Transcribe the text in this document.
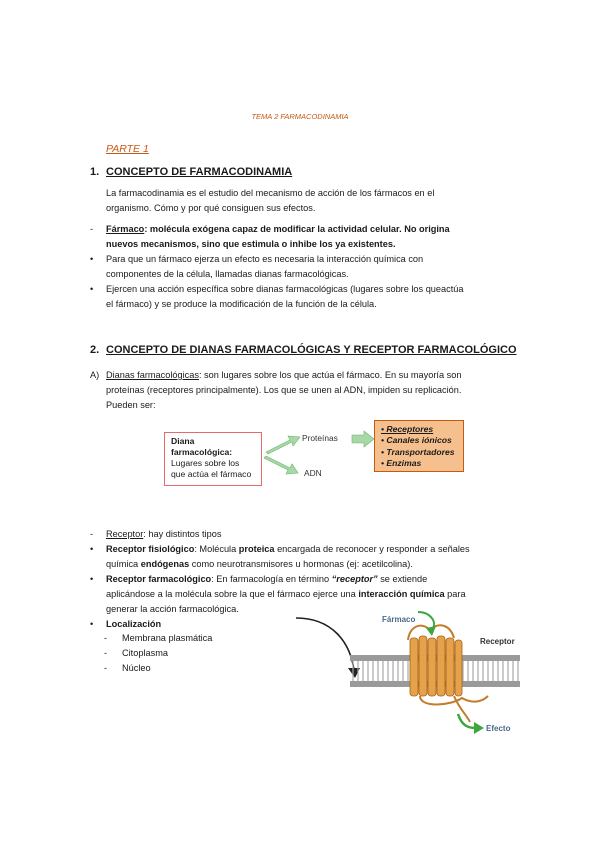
TEMA 2 FARMACODINAMIA
PARTE 1
1. CONCEPTO DE FARMACODINAMIA
La farmacodinamia es el estudio del mecanismo de acción de los fármacos en el
organismo. Cómo y por qué consiguen sus efectos.
- Fármaco: molécula exógena capaz de modificar la actividad celular. No origina
nuevos mecanismos, sino que estimula o inhibe los ya existentes.
• Para que un fármaco ejerza un efecto es necesaria la interacción química con
componentes de la célula, llamadas dianas farmacológicas.
• Ejercen una acción específica sobre dianas farmacológicas (lugares sobre los queactúa
el fármaco) y se produce la modificación de la función de la célula.
2. CONCEPTO DE DIANAS FARMACOLÓGICAS Y RECEPTOR FARMACOLÓGICO
A) Dianas farmacológicas: son lugares sobre los que actúa el fármaco. En su mayoría son
proteínas (receptores principalmente). Los que se unen al ADN, impiden su replicación.
Pueden ser:
Diana
farmacológica:
Lugares sobre los
que actúa el fármaco
Proteínas
ADN
• Receptores
• Canales iónicos
• Transportadores
• Enzimas
- Receptor: hay distintos tipos
• Receptor fisiológico: Molécula proteica encargada de reconocer y responder a señales
química endógenas como neurotransmisores u hormonas (ej: acetilcolina).
• Receptor farmacológico: En farmacología en término “receptor” se extiende
aplicándose a la molécula sobre la que el fármaco ejerce una interacción química para
generar la acción farmacológica.
• Localización
- Membrana plasmática
- Citoplasma
- Núcleo
Fármaco
Receptor
Efecto
